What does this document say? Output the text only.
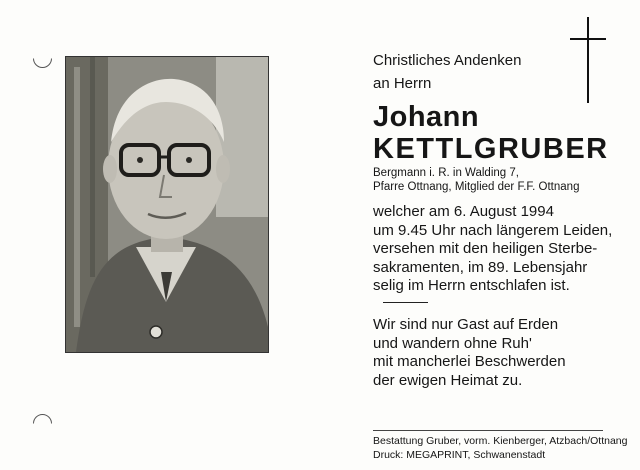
Christliches Andenken
an Herrn
Johann
KETTLGRUBER
Bergmann i. R. in Walding 7,
Pfarre Ottnang, Mitglied der F.F. Ottnang
welcher am 6. August 1994
um 9.45 Uhr nach längerem Leiden,
versehen mit den heiligen Sterbe-
sakramenten, im 89. Lebensjahr
selig im Herrn entschlafen ist.
Wir sind nur Gast auf Erden
und wandern ohne Ruh'
mit mancherlei Beschwerden
der ewigen Heimat zu.
Bestattung Gruber, vorm. Kienberger, Atzbach/Ottnang
Druck: MEGAPRINT, Schwanenstadt
